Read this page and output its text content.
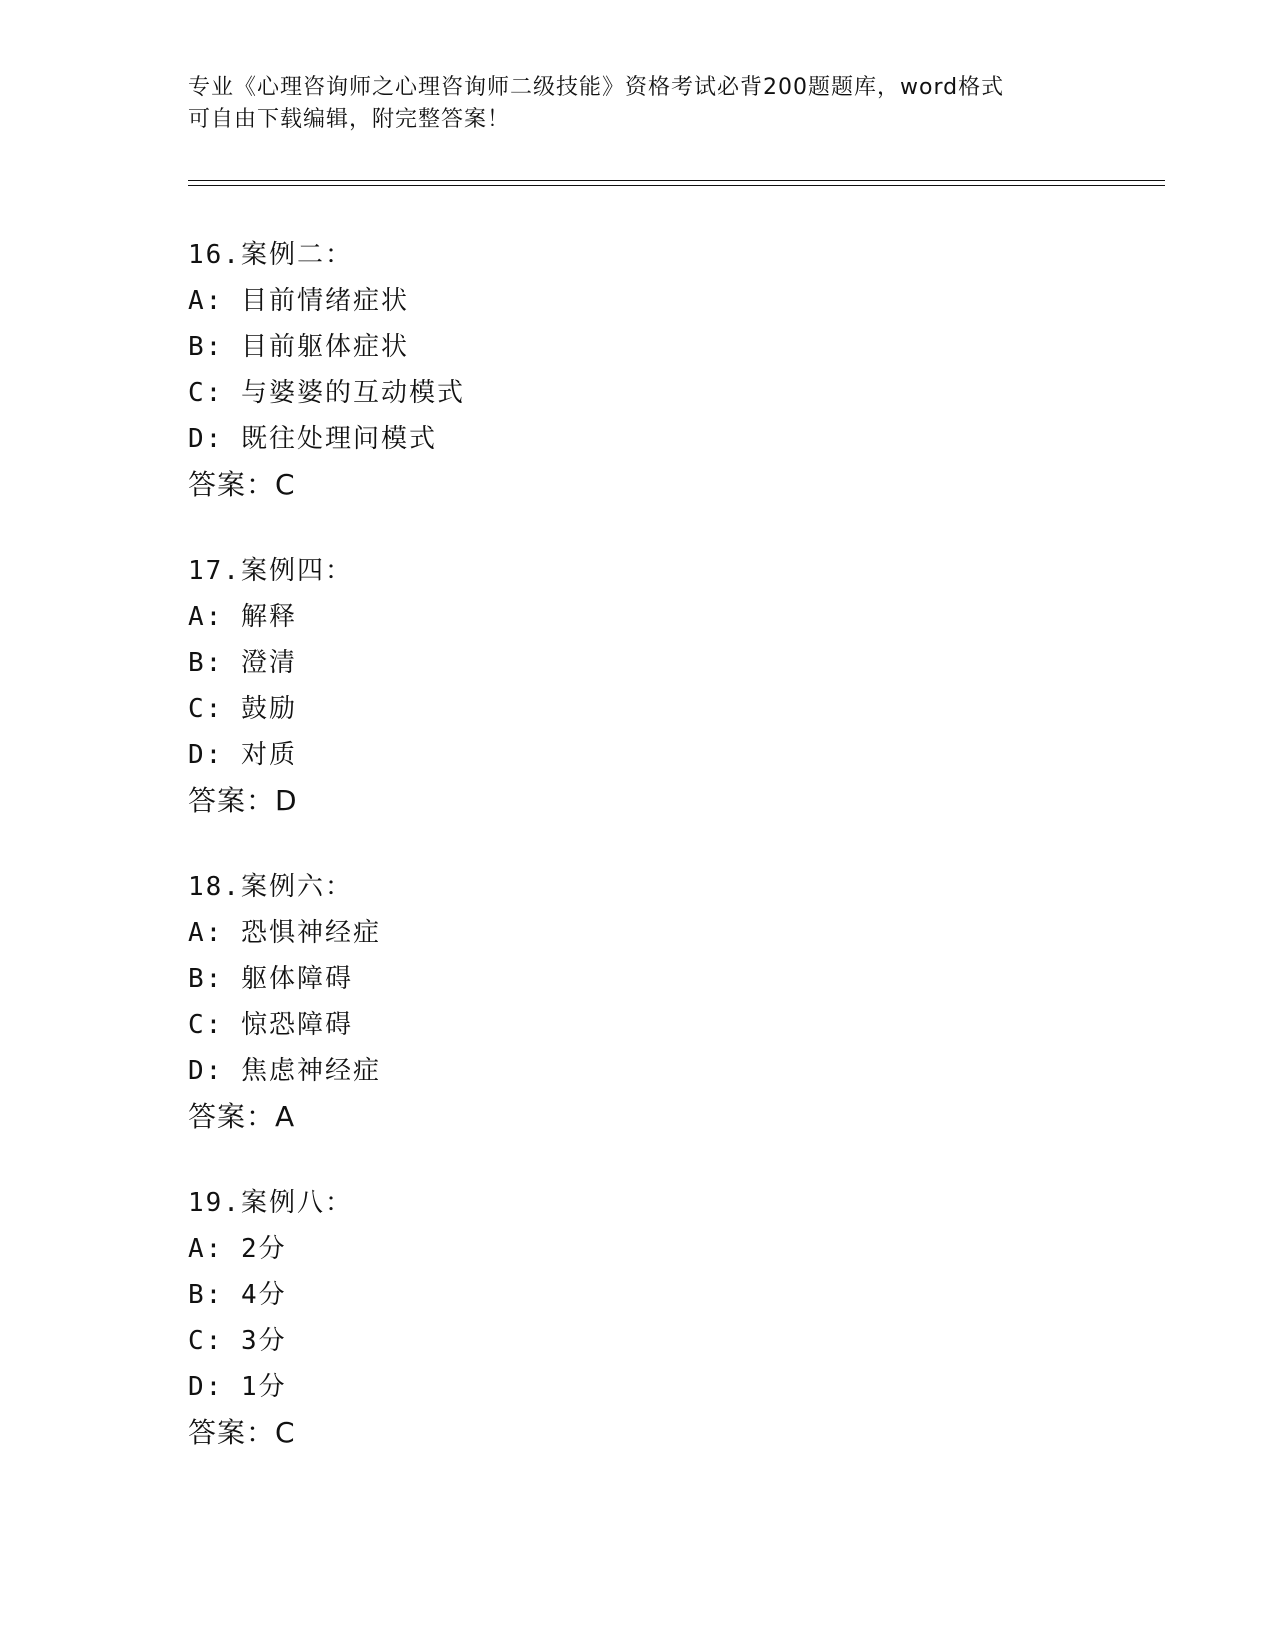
专业《心理咨询师之心理咨询师二级技能》资格考试必背200题题库，word格式
可自由下载编辑，附完整答案！
16.案例二：
A: 目前情绪症状
B: 目前躯体症状
C: 与婆婆的互动模式
D: 既往处理问模式
答案：C
17.案例四：
A: 解释
B: 澄清
C: 鼓励
D: 对质
答案：D
18.案例六：
A: 恐惧神经症
B: 躯体障碍
C: 惊恐障碍
D: 焦虑神经症
答案：A
19.案例八：
A: 2分
B: 4分
C: 3分
D: 1分
答案：C
